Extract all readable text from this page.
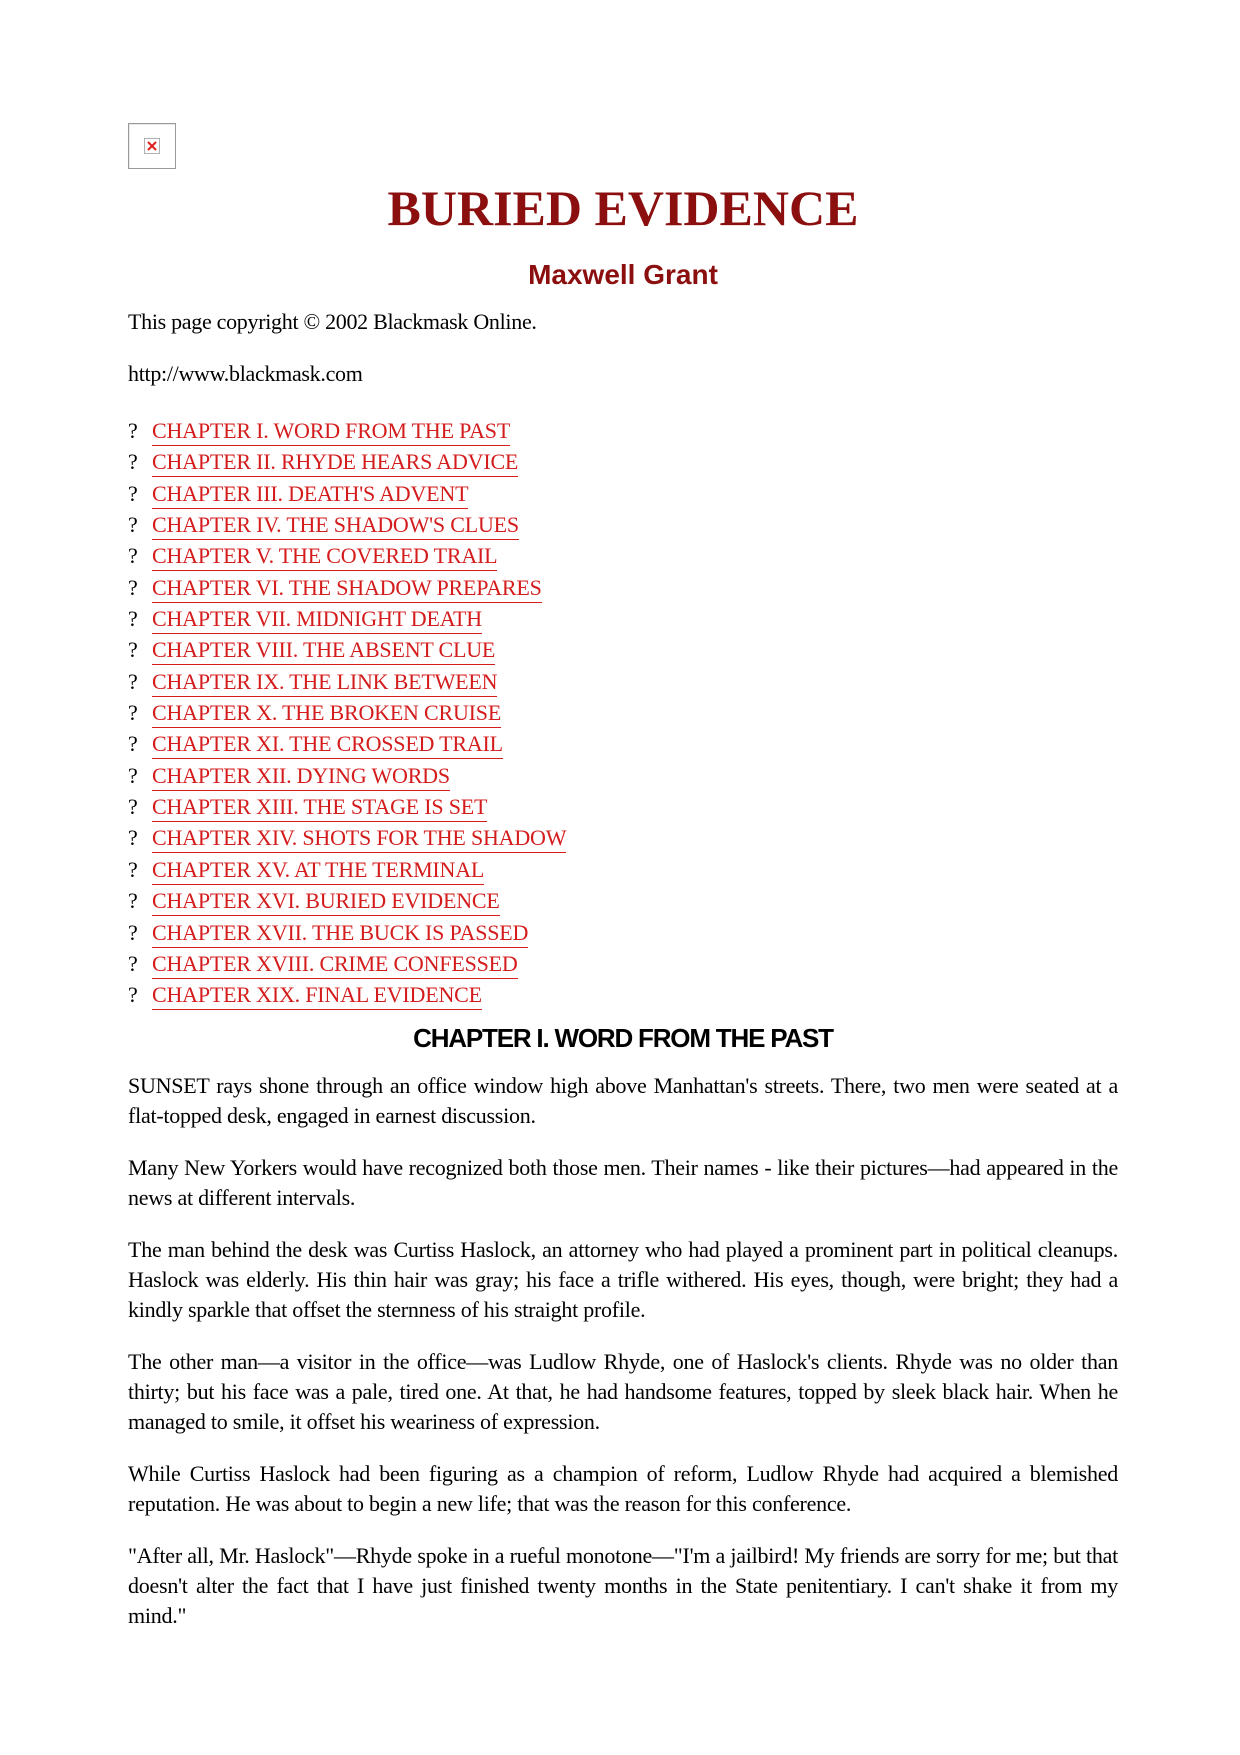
BURIED EVIDENCE
Maxwell Grant

This page copyright © 2002 Blackmask Online.

http://www.blackmask.com

? CHAPTER I. WORD FROM THE PAST
? CHAPTER II. RHYDE HEARS ADVICE
? CHAPTER III. DEATH'S ADVENT
? CHAPTER IV. THE SHADOW'S CLUES
? CHAPTER V. THE COVERED TRAIL
? CHAPTER VI. THE SHADOW PREPARES
? CHAPTER VII. MIDNIGHT DEATH
? CHAPTER VIII. THE ABSENT CLUE
? CHAPTER IX. THE LINK BETWEEN
? CHAPTER X. THE BROKEN CRUISE
? CHAPTER XI. THE CROSSED TRAIL
? CHAPTER XII. DYING WORDS
? CHAPTER XIII. THE STAGE IS SET
? CHAPTER XIV. SHOTS FOR THE SHADOW
? CHAPTER XV. AT THE TERMINAL
? CHAPTER XVI. BURIED EVIDENCE
? CHAPTER XVII. THE BUCK IS PASSED
? CHAPTER XVIII. CRIME CONFESSED
? CHAPTER XIX. FINAL EVIDENCE
CHAPTER I. WORD FROM THE PAST

SUNSET rays shone through an office window high above Manhattan's streets. There, two men were seated at a flat-topped desk, engaged in earnest discussion.

Many New Yorkers would have recognized both those men. Their names - like their pictures—had appeared in the news at different intervals.

The man behind the desk was Curtiss Haslock, an attorney who had played a prominent part in political cleanups. Haslock was elderly. His thin hair was gray; his face a trifle withered. His eyes, though, were bright; they had a kindly sparkle that offset the sternness of his straight profile.

The other man—a visitor in the office—was Ludlow Rhyde, one of Haslock's clients. Rhyde was no older than thirty; but his face was a pale, tired one. At that, he had handsome features, topped by sleek black hair. When he managed to smile, it offset his weariness of expression.

While Curtiss Haslock had been figuring as a champion of reform, Ludlow Rhyde had acquired a blemished reputation. He was about to begin a new life; that was the reason for this conference.

"After all, Mr. Haslock"—Rhyde spoke in a rueful monotone—"I'm a jailbird! My friends are sorry for me; but that doesn't alter the fact that I have just finished twenty months in the State penitentiary. I can't shake it from my mind."
